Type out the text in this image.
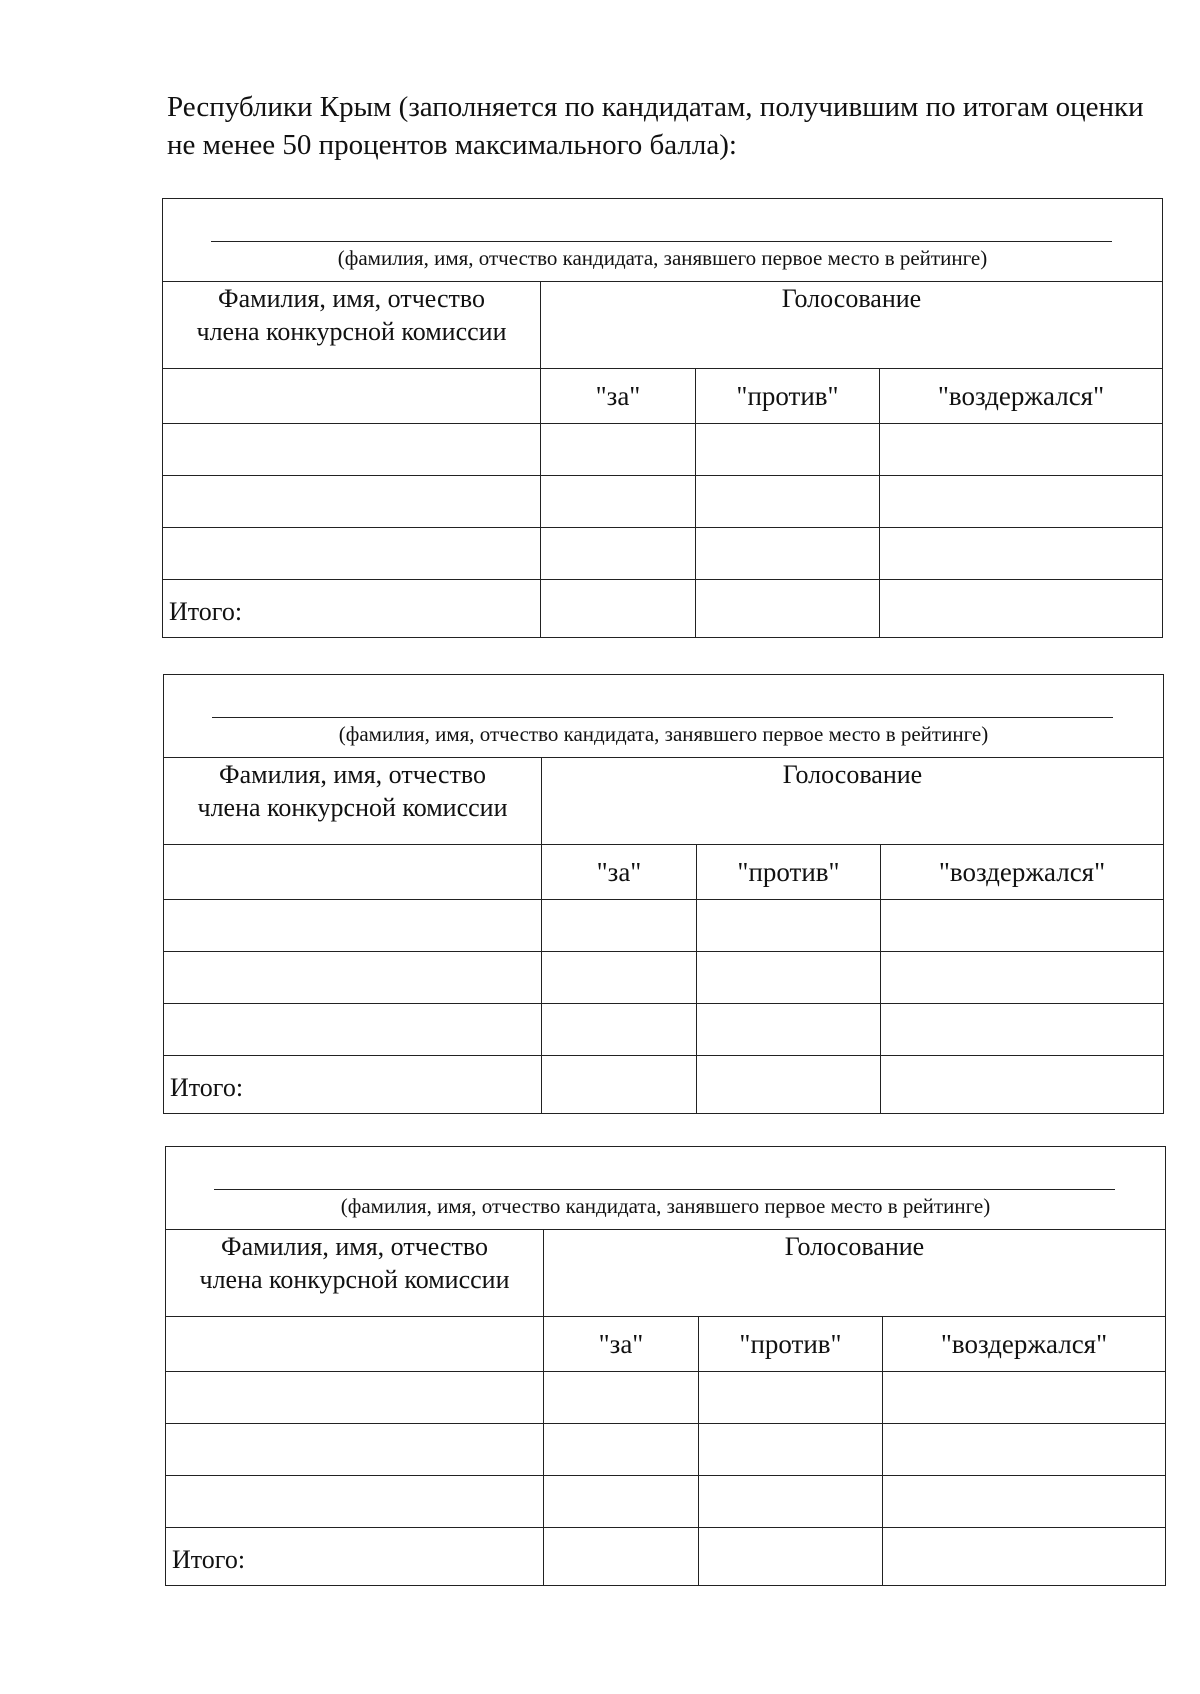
Республики Крым (заполняется по кандидатам, получившим по итогам оценки
не менее 50 процентов максимального балла):
(фамилия, имя, отчество кандидата, занявшего первое место в рейтинге)			

Фамилия, имя, отчество
члена конкурсной комиссии	Голосование		
	"за"	"против"	"воздержался"

Итого:			
(фамилия, имя, отчество кандидата, занявшего первое место в рейтинге)			

Фамилия, имя, отчество
члена конкурсной комиссии	Голосование		
	"за"	"против"	"воздержался"

Итого:			
(фамилия, имя, отчество кандидата, занявшего первое место в рейтинге)			

Фамилия, имя, отчество
члена конкурсной комиссии	Голосование		
	"за"	"против"	"воздержался"

Итого:			
